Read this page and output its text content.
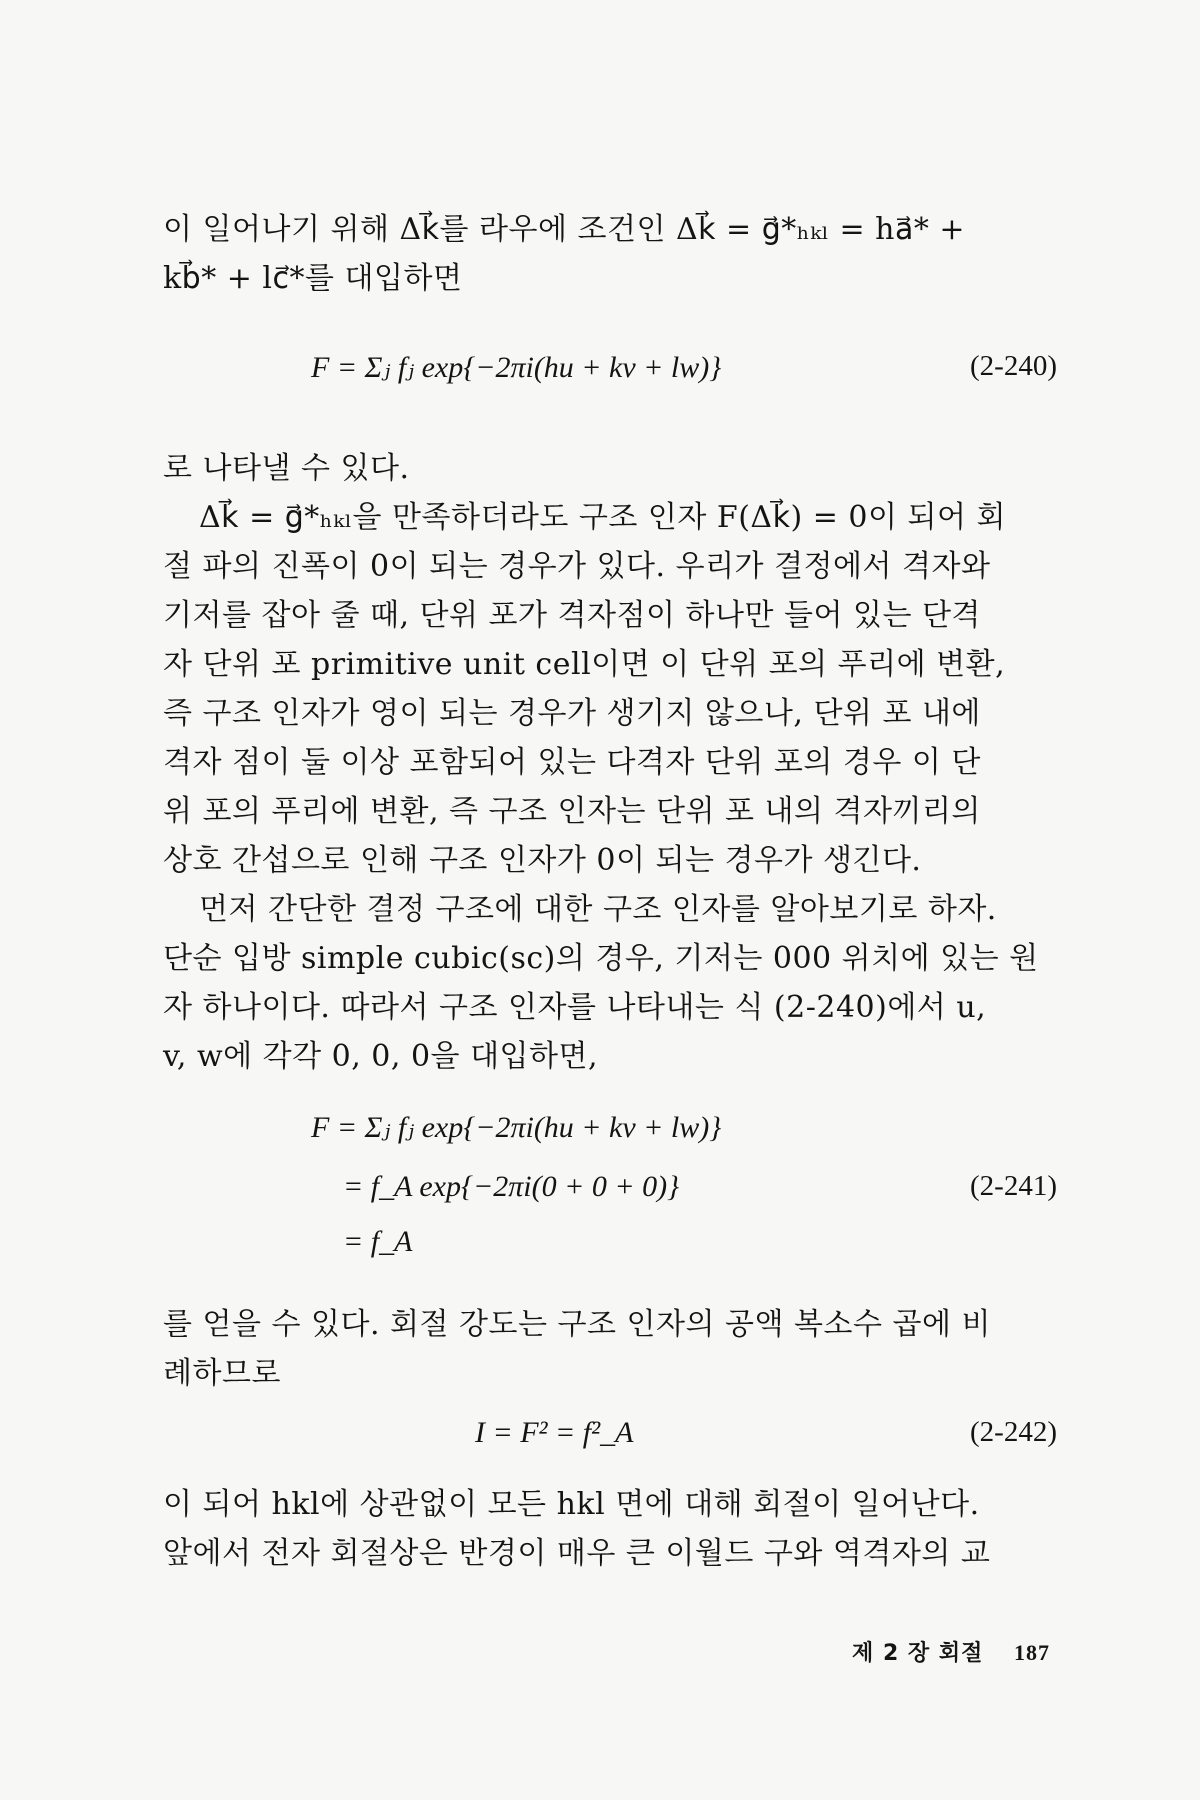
이 일어나기 위해 Δk⃗를 라우에 조건인 Δk⃗ = g⃗*ₕₖₗ = ha⃗* +

kb⃗* + lc⃗*를 대입하면

F = Σⱼ fⱼ exp{−2πi(hu + kv + lw)}	(2-240)

로 나타낼 수 있다.

Δk⃗ = g⃗*ₕₖₗ을 만족하더라도 구조 인자 F(Δk⃗) = 0이 되어 회

절 파의 진폭이 0이 되는 경우가 있다. 우리가 결정에서 격자와

기저를 잡아 줄 때, 단위 포가 격자점이 하나만 들어 있는 단격

자 단위 포 primitive unit cell이면 이 단위 포의 푸리에 변환,

즉 구조 인자가 영이 되는 경우가 생기지 않으나, 단위 포 내에

격자 점이 둘 이상 포함되어 있는 다격자 단위 포의 경우 이 단

위 포의 푸리에 변환, 즉 구조 인자는 단위 포 내의 격자끼리의

상호 간섭으로 인해 구조 인자가 0이 되는 경우가 생긴다.

먼저 간단한 결정 구조에 대한 구조 인자를 알아보기로 하자.

단순 입방 simple cubic(sc)의 경우, 기저는 000 위치에 있는 원

자 하나이다. 따라서 구조 인자를 나타내는 식 (2-240)에서 u,

v, w에 각각 0, 0, 0을 대입하면,

F = Σⱼ fⱼ exp{−2πi(hu + kv + lw)}
= f_A exp{−2πi(0 + 0 + 0)}	(2-241)
= f_A

를 얻을 수 있다. 회절 강도는 구조 인자의 공액 복소수 곱에 비

례하므로

I = F² = f²_A	(2-242)

이 되어 hkl에 상관없이 모든 hkl 면에 대해 회절이 일어난다.

앞에서 전자 회절상은 반경이 매우 큰 이월드 구와 역격자의 교

제 2 장 회절 187
